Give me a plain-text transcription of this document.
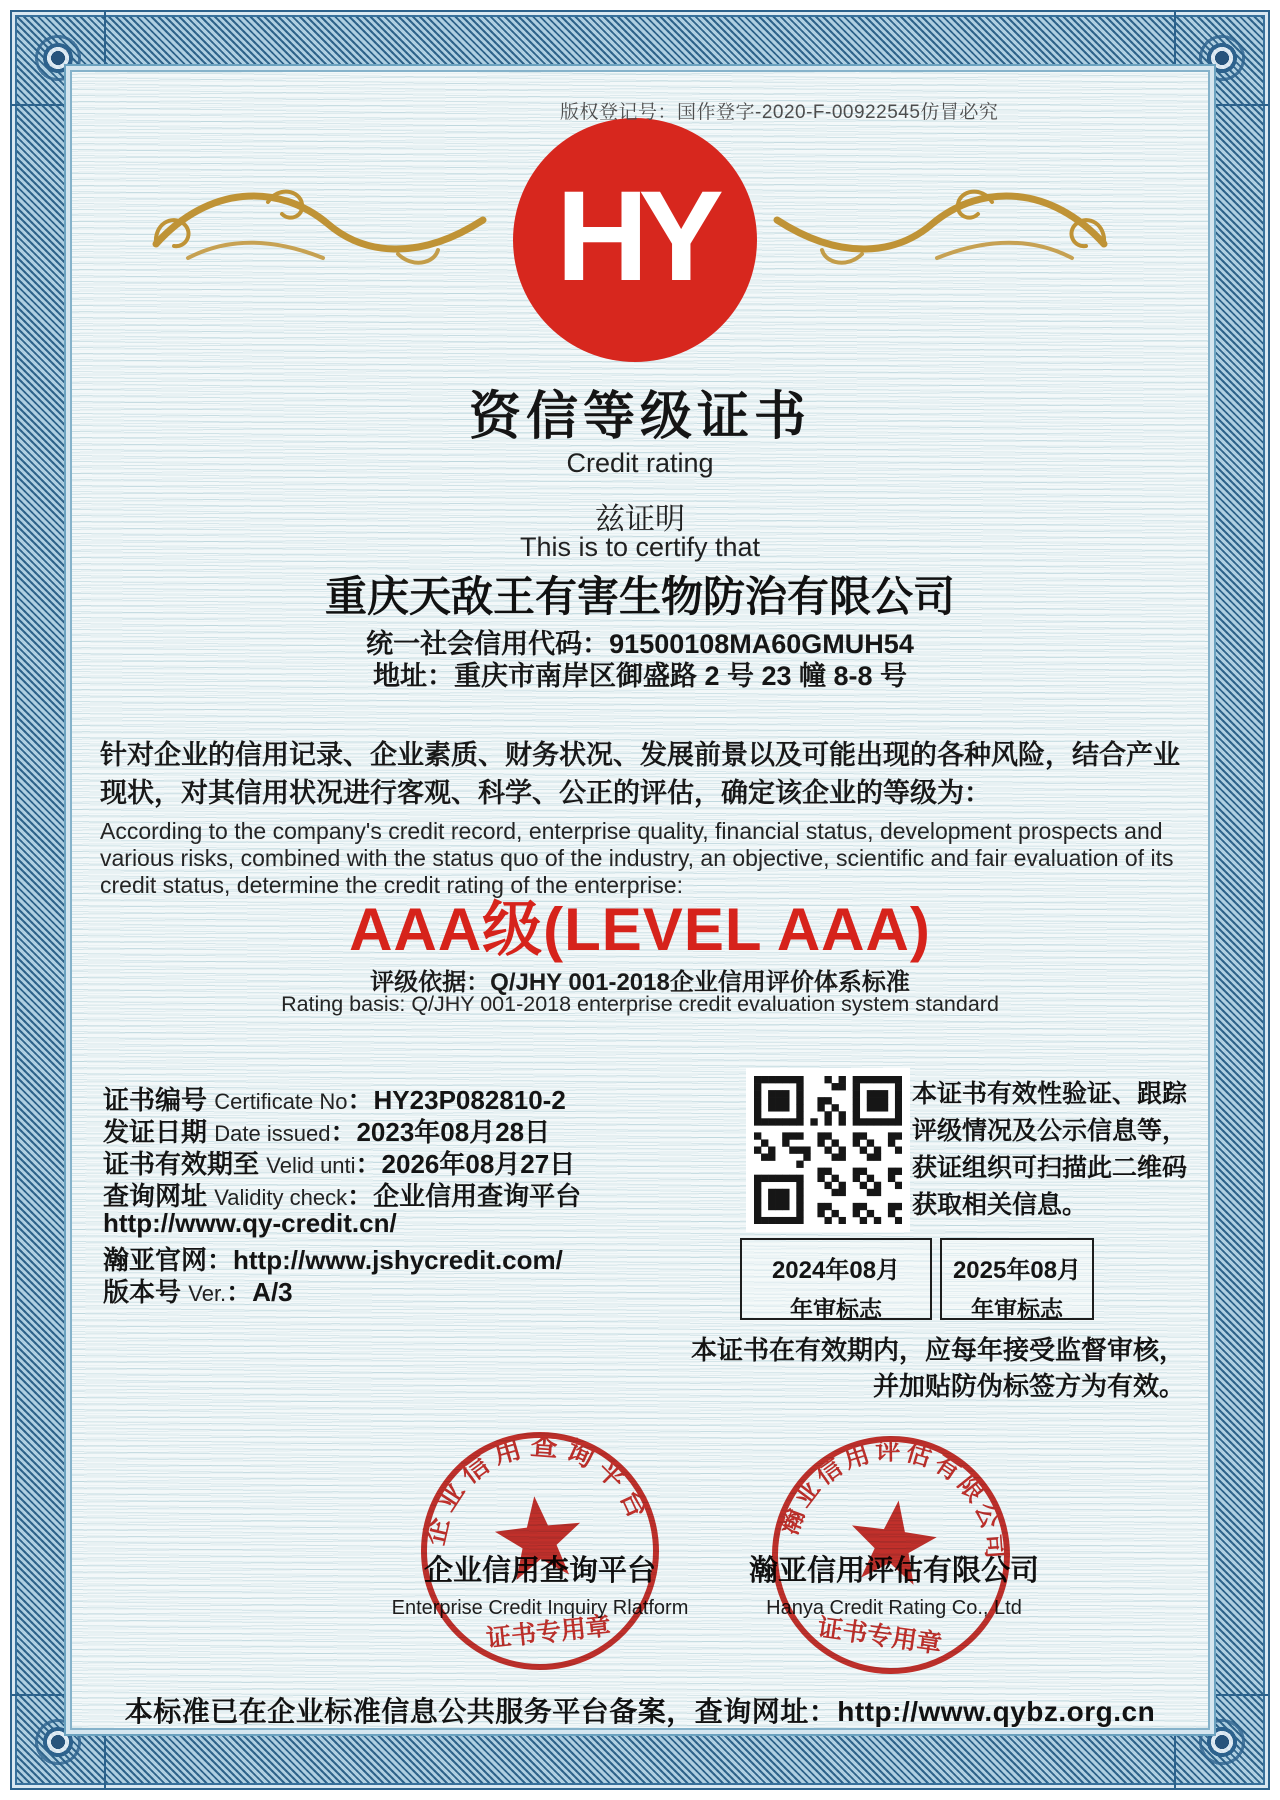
版权登记号：国作登字-2020-F-00922545仿冒必究
HY
资信等级证书
Credit rating
兹证明
This is to certify that
重庆天敌王有害生物防治有限公司
统一社会信用代码：91500108MA60GMUH54
地址：重庆市南岸区御盛路 2 号 23 幢 8-8 号
针对企业的信用记录、企业素质、财务状况、发展前景以及可能出现的各种风险，结合产业
现状，对其信用状况进行客观、科学、公正的评估，确定该企业的等级为：
According to the company's credit record, enterprise quality, financial status, development prospects and various risks, combined with the status quo of the industry, an objective, scientific and fair evaluation of its credit status, determine the credit rating of the enterprise:
AAA级(LEVEL AAA)
评级依据：Q/JHY 001-2018企业信用评价体系标准
Rating basis: Q/JHY 001-2018 enterprise credit evaluation system standard
证书编号 Certificate No：HY23P082810-2
发证日期 Date issued：2023年08月28日
证书有效期至 Velid unti：2026年08月27日
查询网址 Validity check：企业信用查询平台
http://www.qy-credit.cn/
瀚亚官网：http://www.jshycredit.com/
版本号 Ver.：A/3
本证书有效性验证、跟踪
评级情况及公示信息等，
获证组织可扫描此二维码
获取相关信息。
2024年08月
年审标志
2025年08月
年审标志
本证书在有效期内，应每年接受监督审核，
并加贴防伪标签方为有效。
企业信用查询平台
Enterprise Credit Inquiry Rlatform
瀚亚信用评估有限公司
Hanya Credit Rating Co., Ltd
企业信用查询平台
证书专用章
瀚亚信用评估有限公司
证书专用章
本标准已在企业标准信息公共服务平台备案，查询网址：http://www.qybz.org.cn
